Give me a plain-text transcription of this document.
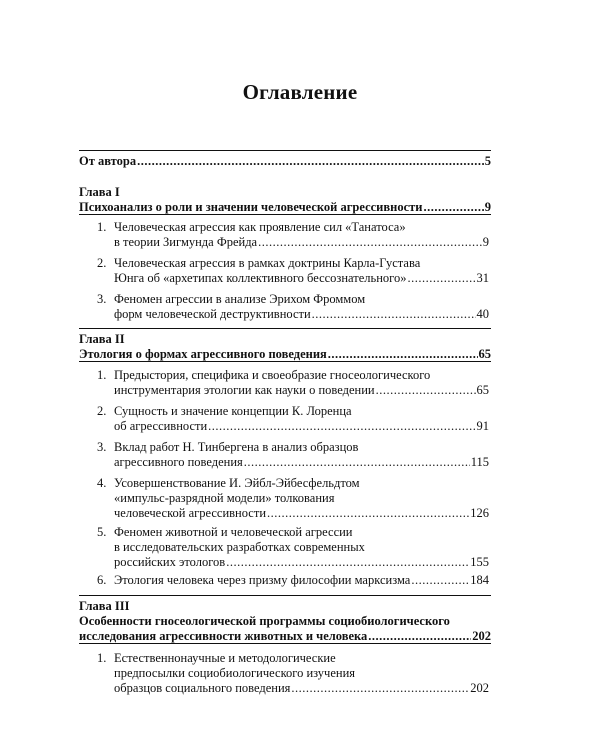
Оглавление
От автора .....	5
Глава I
Психоанализ о роли и значении человеческой агрессивности .....	9
1. Человеческая агрессия как проявление сил «Танатоса»
в теории Зигмунда Фрейда .....	9
2. Человеческая агрессия в рамках доктрины Карла-Густава
Юнга об «архетипах коллективного бессознательного» .....	31
3. Феномен агрессии в анализе Эрихом Фроммом
форм человеческой деструктивности .....	40
Глава II
Этология о формах агрессивного поведения .....	65
1. Предыстория, специфика и своеобразие гносеологического
инструментария этологии как науки о поведении .....	65
2. Сущность и значение концепции К. Лоренца
об агрессивности .....	91
3. Вклад работ Н. Тинбергена в анализ образцов
агрессивного поведения .....	115
4. Усовершенствование И. Эйбл-Эйбесфельдтом
«импульс-разрядной модели» толкования
человеческой агрессивности .....	126
5. Феномен животной и человеческой агрессии
в исследовательских разработках современных
российских этологов .....	155
6. Этология человека через призму философии марксизма .....	184
Глава III
Особенности гносеологической программы социобиологического
исследования агрессивности животных и человека .....	202
1. Естественнонаучные и методологические
предпосылки социобиологического изучения
образцов социального поведения .....	202
